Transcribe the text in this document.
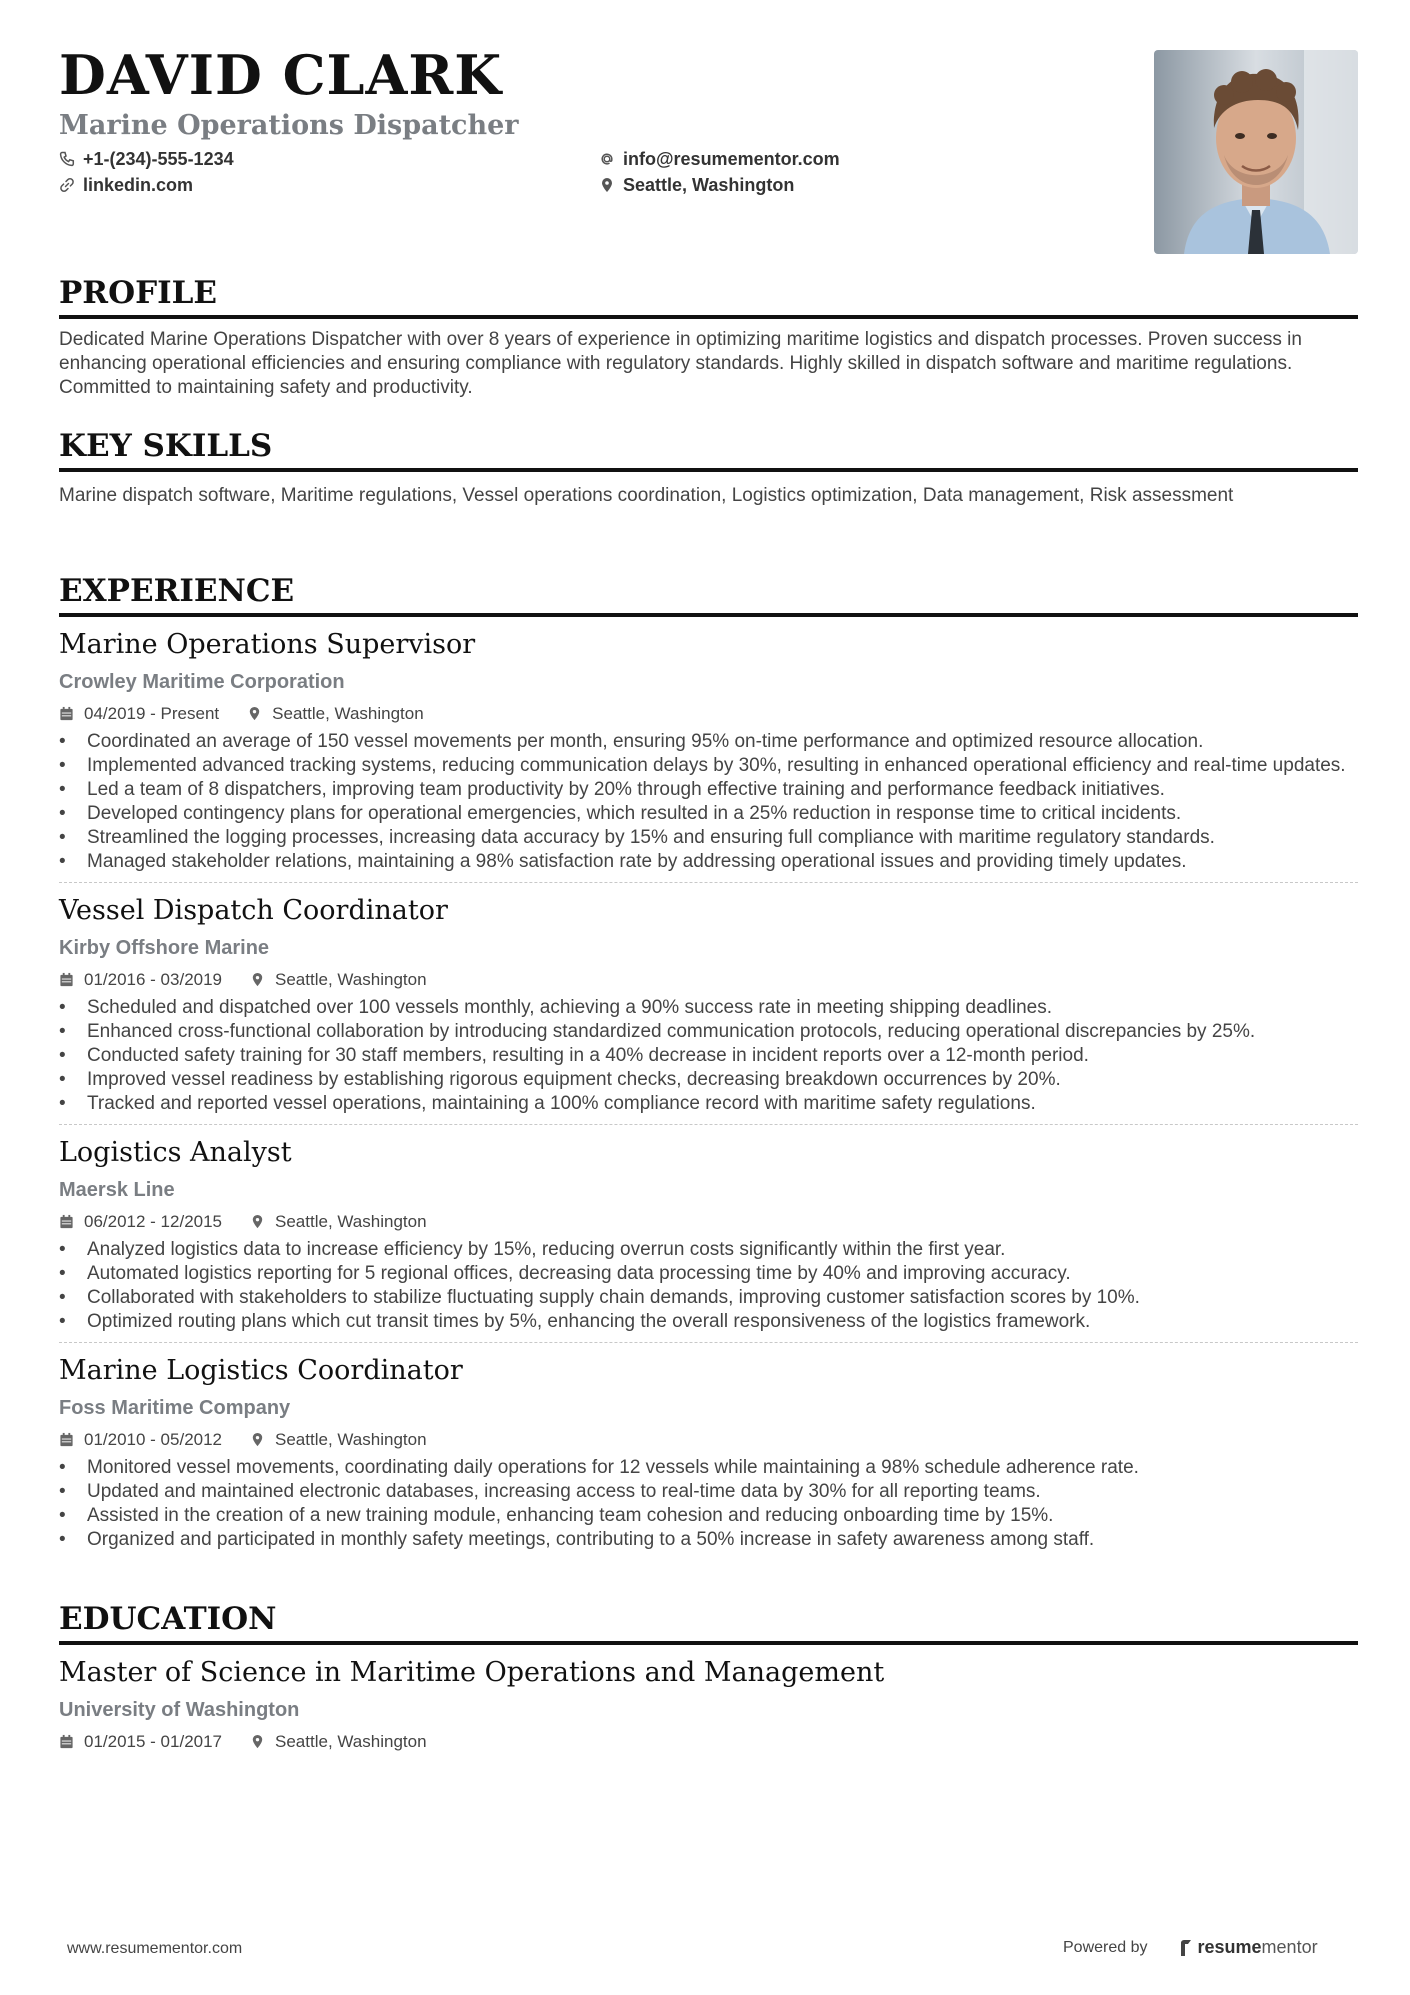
DAVID CLARK
Marine Operations Dispatcher
+1-(234)-555-1234	info@resumementor.com
linkedin.com	Seattle, Washington
PROFILE
Dedicated Marine Operations Dispatcher with over 8 years of experience in optimizing maritime logistics and dispatch processes. Proven success in enhancing operational efficiencies and ensuring compliance with regulatory standards. Highly skilled in dispatch software and maritime regulations. Committed to maintaining safety and productivity.
KEY SKILLS
Marine dispatch software, Maritime regulations, Vessel operations coordination, Logistics optimization, Data management, Risk assessment
EXPERIENCE
Marine Operations Supervisor
Crowley Maritime Corporation
04/2019 - Present	Seattle, Washington
• Coordinated an average of 150 vessel movements per month, ensuring 95% on-time performance and optimized resource allocation.
• Implemented advanced tracking systems, reducing communication delays by 30%, resulting in enhanced operational efficiency and real-time updates.
• Led a team of 8 dispatchers, improving team productivity by 20% through effective training and performance feedback initiatives.
• Developed contingency plans for operational emergencies, which resulted in a 25% reduction in response time to critical incidents.
• Streamlined the logging processes, increasing data accuracy by 15% and ensuring full compliance with maritime regulatory standards.
• Managed stakeholder relations, maintaining a 98% satisfaction rate by addressing operational issues and providing timely updates.
Vessel Dispatch Coordinator
Kirby Offshore Marine
01/2016 - 03/2019	Seattle, Washington
• Scheduled and dispatched over 100 vessels monthly, achieving a 90% success rate in meeting shipping deadlines.
• Enhanced cross-functional collaboration by introducing standardized communication protocols, reducing operational discrepancies by 25%.
• Conducted safety training for 30 staff members, resulting in a 40% decrease in incident reports over a 12-month period.
• Improved vessel readiness by establishing rigorous equipment checks, decreasing breakdown occurrences by 20%.
• Tracked and reported vessel operations, maintaining a 100% compliance record with maritime safety regulations.
Logistics Analyst
Maersk Line
06/2012 - 12/2015	Seattle, Washington
• Analyzed logistics data to increase efficiency by 15%, reducing overrun costs significantly within the first year.
• Automated logistics reporting for 5 regional offices, decreasing data processing time by 40% and improving accuracy.
• Collaborated with stakeholders to stabilize fluctuating supply chain demands, improving customer satisfaction scores by 10%.
• Optimized routing plans which cut transit times by 5%, enhancing the overall responsiveness of the logistics framework.
Marine Logistics Coordinator
Foss Maritime Company
01/2010 - 05/2012	Seattle, Washington
• Monitored vessel movements, coordinating daily operations for 12 vessels while maintaining a 98% schedule adherence rate.
• Updated and maintained electronic databases, increasing access to real-time data by 30% for all reporting teams.
• Assisted in the creation of a new training module, enhancing team cohesion and reducing onboarding time by 15%.
• Organized and participated in monthly safety meetings, contributing to a 50% increase in safety awareness among staff.
EDUCATION
Master of Science in Maritime Operations and Management
University of Washington
01/2015 - 01/2017	Seattle, Washington
www.resumementor.com	Powered by	resume mentor
